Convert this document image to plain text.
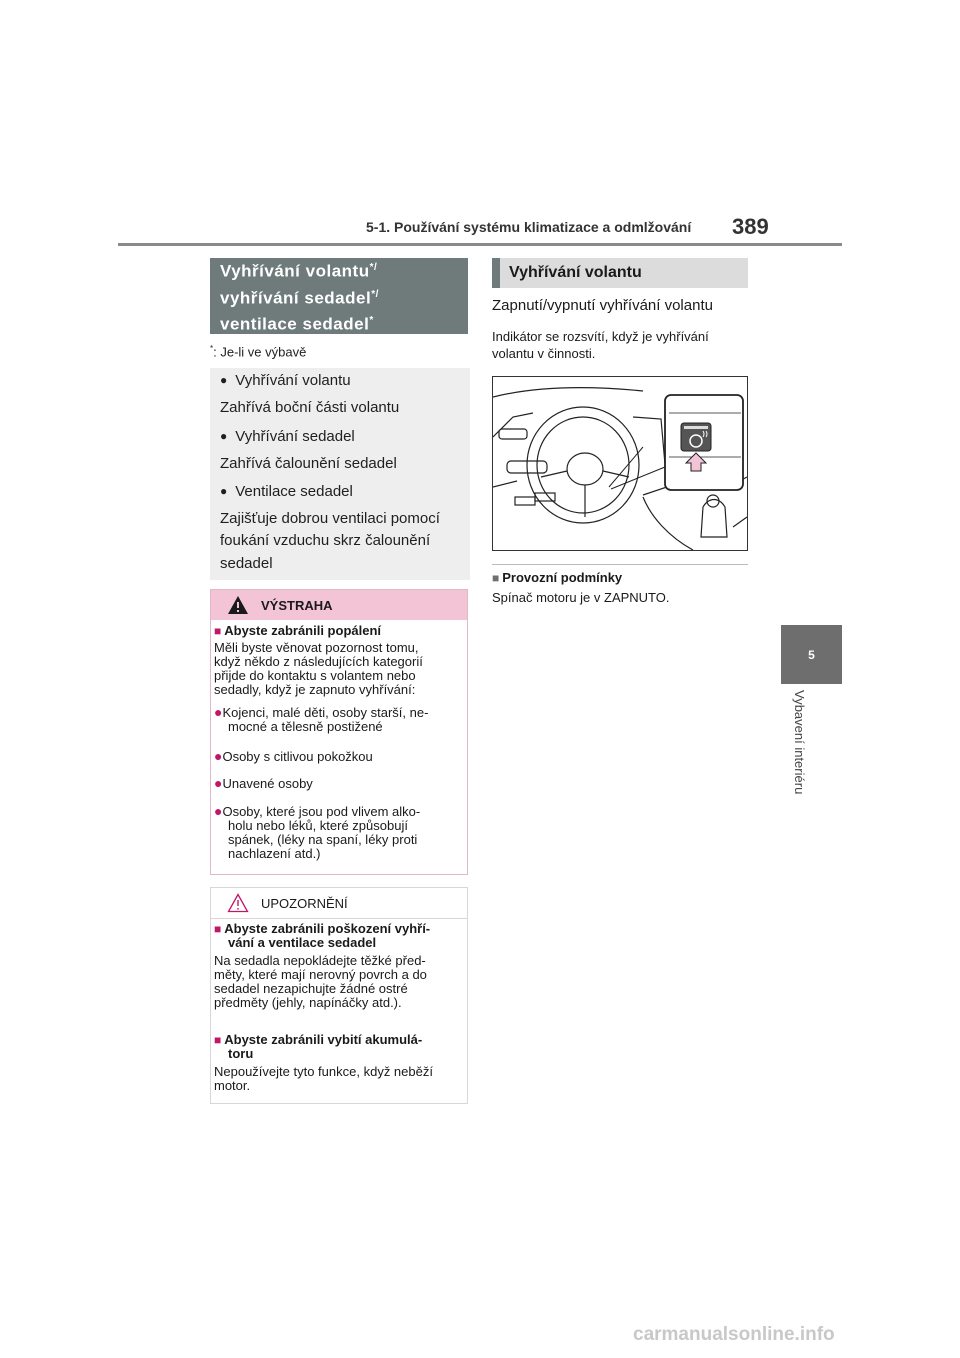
5-1. Používání systému klimatizace a odmlžování 389
5
Vybavení interiéru
Vyhřívání volantu*/
vyhřívání sedadel*/
ventilace sedadel*
*: Je-li ve výbavě
● Vyhřívání volantu
Zahřívá boční části volantu
● Vyhřívání sedadel
Zahřívá čalounění sedadel
● Ventilace sedadel
Zajišťuje dobrou ventilaci pomocí
foukání vzduchu skrz čalounění
sedadel
VÝSTRAHA
■ Abyste zabránili popálení
Měli byste věnovat pozornost tomu,
když někdo z následujících kategorií
přijde do kontaktu s volantem nebo
sedadly, když je zapnuto vyhřívání:
●Kojenci, malé děti, osoby starší, ne-
mocné a tělesně postižené
●Osoby s citlivou pokožkou
●Unavené osoby
●Osoby, které jsou pod vlivem alko-
holu nebo léků, které způsobují
spánek, (léky na spaní, léky proti
nachlazení atd.)
UPOZORNĚNÍ
■ Abyste zabránili poškození vyhří-
vání a ventilace sedadel
Na sedadla nepokládejte těžké před-
měty, které mají nerovný povrch a do
sedadel nezapichujte žádné ostré
předměty (jehly, napínáčky atd.).
■ Abyste zabránili vybití akumulá-
toru
Nepoužívejte tyto funkce, když neběží
motor.
Vyhřívání volantu
Zapnutí/vypnutí vyhřívání volantu
Indikátor se rozsvítí, když je vyhřívání
volantu v činnosti.
■ Provozní podmínky
Spínač motoru je v ZAPNUTO.
carmanualsonline.info
